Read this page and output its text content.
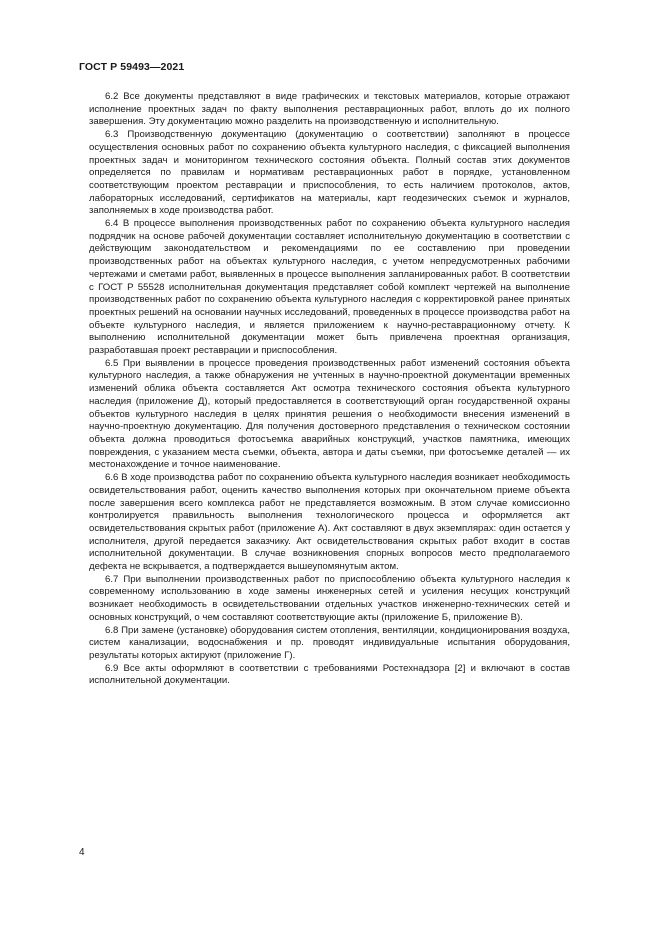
ГОСТ Р 59493—2021

6.2 Все документы представляют в виде графических и текстовых материалов, которые отражают исполнение проектных задач по факту выполнения реставрационных работ, вплоть до их полного завершения. Эту документацию можно разделить на производственную и исполнительную.

6.3 Производственную документацию (документацию о соответствии) заполняют в процессе осуществления основных работ по сохранению объекта культурного наследия, с фиксацией выполнения проектных задач и мониторингом технического состояния объекта. Полный состав этих документов определяется по правилам и нормативам реставрационных работ в порядке, установленном соответствующим проектом реставрации и приспособления, то есть наличием протоколов, актов, лабораторных исследований, сертификатов на материалы, карт геодезических съемок и журналов, заполняемых в ходе производства работ.

6.4 В процессе выполнения производственных работ по сохранению объекта культурного наследия подрядчик на основе рабочей документации составляет исполнительную документацию в соответствии с действующим законодательством и рекомендациями по ее составлению при проведении производственных работ на объектах культурного наследия, с учетом непредусмотренных рабочими чертежами и сметами работ, выявленных в процессе выполнения запланированных работ. В соответствии с ГОСТ Р 55528 исполнительная документация представляет собой комплект чертежей на выполнение производственных работ по сохранению объекта культурного наследия с корректировкой ранее принятых проектных решений на основании научных исследований, проведенных в процессе производства работ на объекте культурного наследия, и является приложением к научно-реставрационному отчету. К выполнению исполнительной документации может быть привлечена проектная организация, разработавшая проект реставрации и приспособления.

6.5 При выявлении в процессе проведения производственных работ изменений состояния объекта культурного наследия, а также обнаружения не учтенных в научно-проектной документации временных изменений облика объекта составляется Акт осмотра технического состояния объекта культурного наследия (приложение Д), который предоставляется в соответствующий орган государственной охраны объектов культурного наследия в целях принятия решения о необходимости внесения изменений в научно-проектную документацию. Для получения достоверного представления о техническом состоянии объекта должна проводиться фотосъемка аварийных конструкций, участков памятника, имеющих повреждения, с указанием места съемки, объекта, автора и даты съемки, при фотосъемке деталей — их местонахождение и точное наименование.

6.6 В ходе производства работ по сохранению объекта культурного наследия возникает необходимость освидетельствования работ, оценить качество выполнения которых при окончательном приеме объекта после завершения всего комплекса работ не представляется возможным. В этом случае комиссионно контролируется правильность выполнения технологического процесса и оформляется акт освидетельствования скрытых работ (приложение А). Акт составляют в двух экземплярах: один остается у исполнителя, другой передается заказчику. Акт освидетельствования скрытых работ входит в состав исполнительной документации. В случае возникновения спорных вопросов место предполагаемого дефекта не вскрывается, а подтверждается вышеупомянутым актом.

6.7 При выполнении производственных работ по приспособлению объекта культурного наследия к современному использованию в ходе замены инженерных сетей и усиления несущих конструкций возникает необходимость в освидетельствовании отдельных участков инженерно-технических сетей и основных конструкций, о чем составляют соответствующие акты (приложение Б, приложение В).

6.8 При замене (установке) оборудования систем отопления, вентиляции, кондиционирования воздуха, систем канализации, водоснабжения и пр. проводят индивидуальные испытания оборудования, результаты которых актируют (приложение Г).

6.9 Все акты оформляют в соответствии с требованиями Ростехнадзора [2] и включают в состав исполнительной документации.

4
